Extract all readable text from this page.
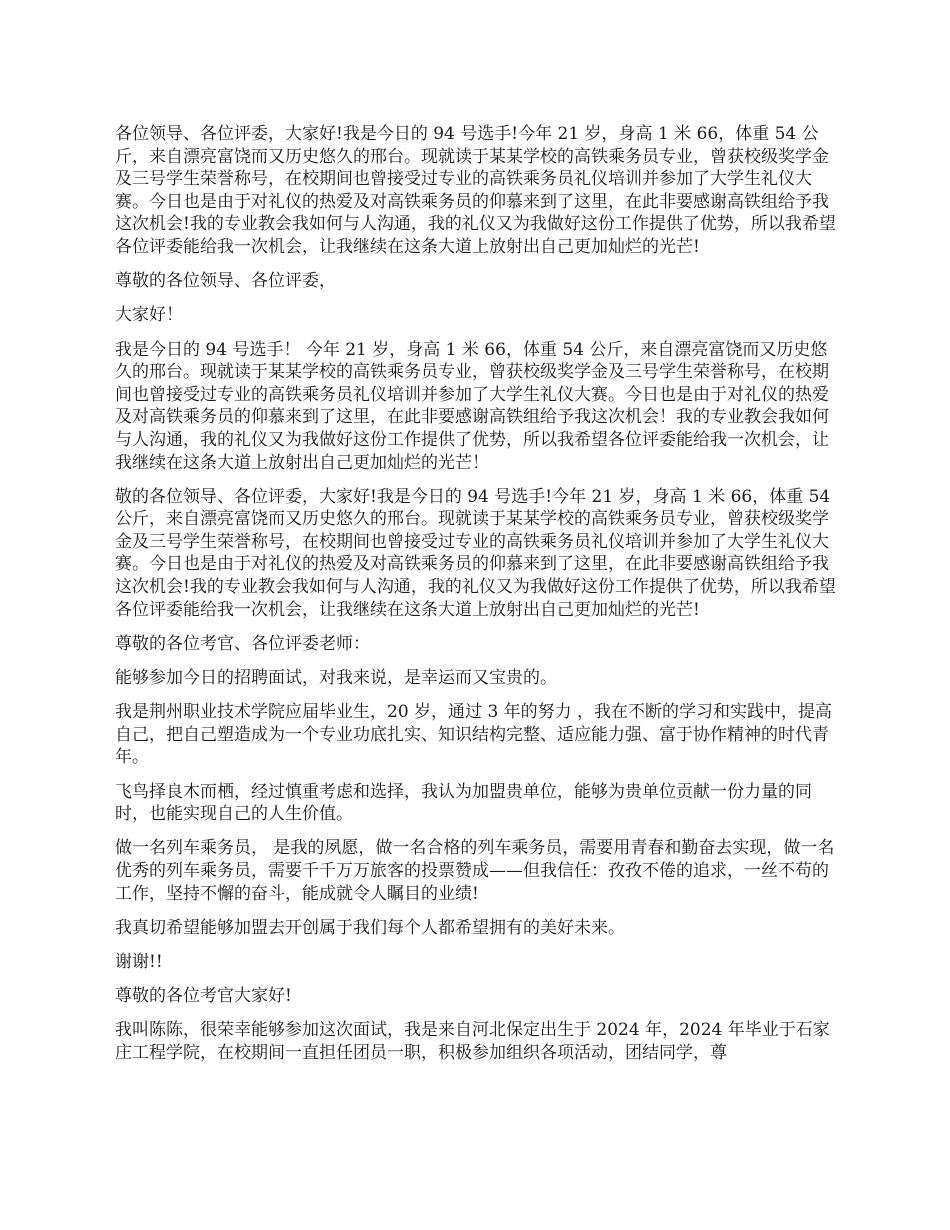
各位领导、各位评委，大家好!我是今日的 94 号选手!今年 21 岁，身高 1 米 66，体重 54 公斤，来自漂亮富饶而又历史悠久的邢台。现就读于某某学校的高铁乘务员专业，曾获校级奖学金及三号学生荣誉称号，在校期间也曾接受过专业的高铁乘务员礼仪培训并参加了大学生礼仪大赛。今日也是由于对礼仪的热爱及对高铁乘务员的仰慕来到了这里，在此非要感谢高铁组给予我这次机会!我的专业教会我如何与人沟通，我的礼仪又为我做好这份工作提供了优势，所以我希望各位评委能给我一次机会，让我继续在这条大道上放射出自己更加灿烂的光芒!

尊敬的各位领导、各位评委，

大家好！

我是今日的 94 号选手！ 今年 21 岁，身高 1 米 66，体重 54 公斤，来自漂亮富饶而又历史悠久的邢台。现就读于某某学校的高铁乘务员专业，曾获校级奖学金及三号学生荣誉称号，在校期间也曾接受过专业的高铁乘务员礼仪培训并参加了大学生礼仪大赛。今日也是由于对礼仪的热爱及对高铁乘务员的仰慕来到了这里，在此非要感谢高铁组给予我这次机会！我的专业教会我如何与人沟通，我的礼仪又为我做好这份工作提供了优势，所以我希望各位评委能给我一次机会，让我继续在这条大道上放射出自己更加灿烂的光芒！

敬的各位领导、各位评委，大家好!我是今日的 94 号选手!今年 21 岁，身高 1 米 66，体重 54 公斤，来自漂亮富饶而又历史悠久的邢台。现就读于某某学校的高铁乘务员专业，曾获校级奖学金及三号学生荣誉称号，在校期间也曾接受过专业的高铁乘务员礼仪培训并参加了大学生礼仪大赛。今日也是由于对礼仪的热爱及对高铁乘务员的仰慕来到了这里，在此非要感谢高铁组给予我这次机会!我的专业教会我如何与人沟通，我的礼仪又为我做好这份工作提供了优势，所以我希望各位评委能给我一次机会，让我继续在这条大道上放射出自己更加灿烂的光芒!

尊敬的各位考官、各位评委老师：

能够参加今日的招聘面试，对我来说，是幸运而又宝贵的。

我是荆州职业技术学院应届毕业生，20 岁，通过 3 年的努力 ，我在不断的学习和实践中，提高自己，把自己塑造成为一个专业功底扎实、知识结构完整、适应能力强、富于协作精神的时代青年。

飞鸟择良木而栖，经过慎重考虑和选择，我认为加盟贵单位，能够为贵单位贡献一份力量的同时，也能实现自己的人生价值。

做一名列车乘务员， 是我的夙愿，做一名合格的列车乘务员，需要用青春和勤奋去实现，做一名优秀的列车乘务员，需要千千万万旅客的投票赞成——但我信任：孜孜不倦的追求，一丝不苟的工作，坚持不懈的奋斗，能成就令人瞩目的业绩!

我真切希望能够加盟去开创属于我们每个人都希望拥有的美好未来。

谢谢!!

尊敬的各位考官大家好!

我叫陈陈，很荣幸能够参加这次面试，我是来自河北保定出生于 2024 年，2024 年毕业于石家庄工程学院，在校期间一直担任团员一职，积极参加组织各项活动，团结同学，尊
